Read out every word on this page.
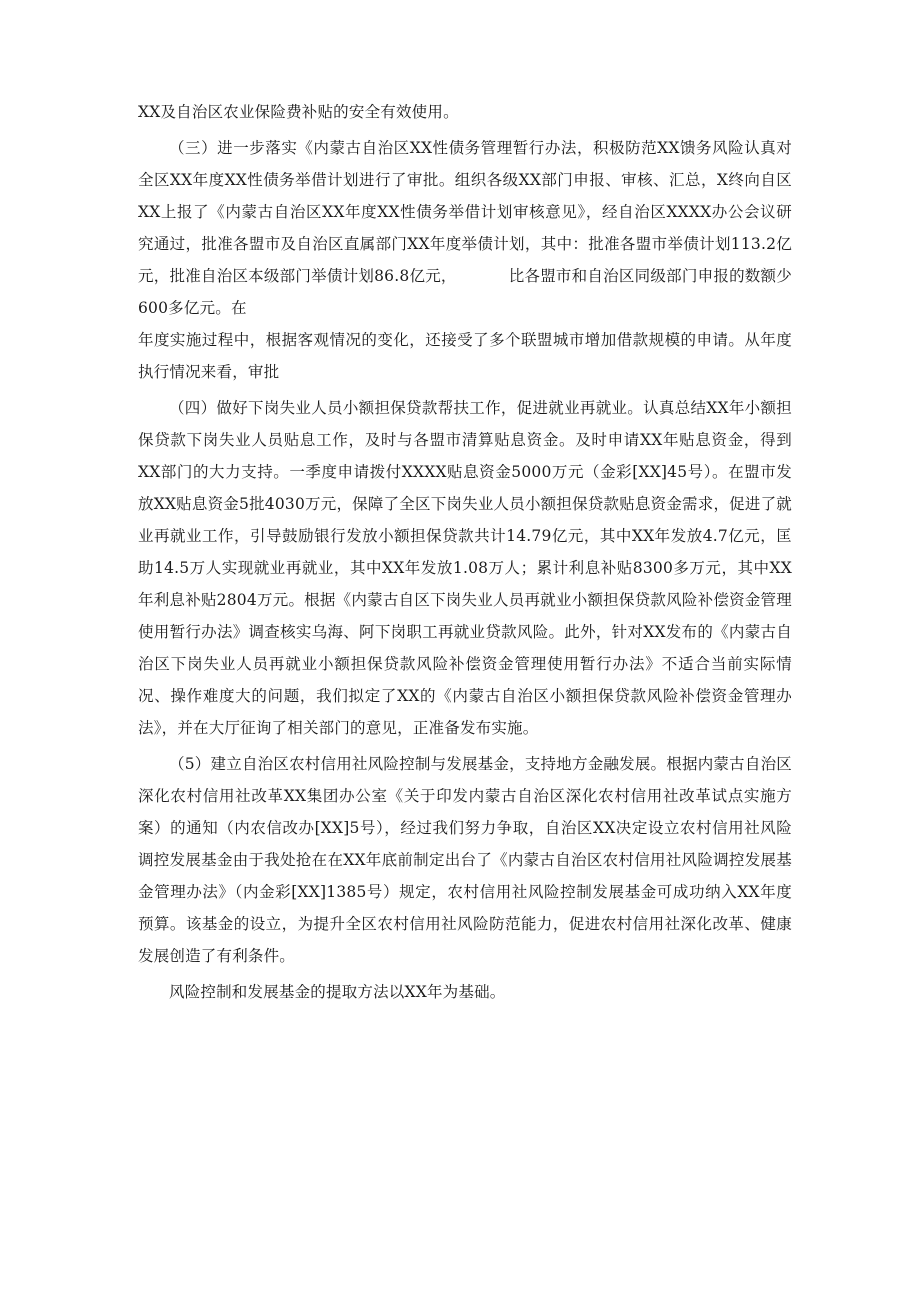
XX及自治区农业保险费补贴的安全有效使用。

（三）进一步落实《内蒙古自治区XX性债务管理暂行办法，积极防范XX馈务风险认真对全区XX年度XX性债务举借计划进行了审批。组织各级XX部门申报、审核、汇总，X终向自区XX上报了《内蒙古自治区XX年度XX性债务举借计划审核意见》，经自治区XXXX办公会议研究通过，批准各盟市及自治区直属部门XX年度举债计划，其中：批准各盟市举债计划113.2亿元，批准自治区本级部门举债计划86.8亿元，	比各盟市和自治区同级部门申报的数额少600多亿元。在

年度实施过程中，根据客观情况的变化，还接受了多个联盟城市增加借款规模的申请。从年度执行情况来看，审批

（四）做好下岗失业人员小额担保贷款帮扶工作，促进就业再就业。认真总结XX年小额担保贷款下岗失业人员贴息工作，及时与各盟市清算贴息资金。及时申请XX年贴息资金，得到XX部门的大力支持。一季度申请拨付XXXX贴息资金5000万元（金彩[XX]45号）。在盟市发放XX贴息资金5批4030万元，保障了全区下岗失业人员小额担保贷款贴息资金需求，促进了就业再就业工作，引导鼓励银行发放小额担保贷款共计14.79亿元，其中XX年发放4.7亿元，匡助14.5万人实现就业再就业，其中XX年发放1.08万人；累计利息补贴8300多万元，其中XX年利息补贴2804万元。根据《内蒙古自区下岗失业人员再就业小额担保贷款风险补偿资金管理使用暂行办法》调查核实乌海、阿下岗职工再就业贷款风险。此外，针对XX发布的《内蒙古自治区下岗失业人员再就业小额担保贷款风险补偿资金管理使用暂行办法》不适合当前实际情况、操作难度大的问题，我们拟定了XX的《内蒙古自治区小额担保贷款风险补偿资金管理办法》，并在大厅征询了相关部门的意见，正准备发布实施。

（5）建立自治区农村信用社风险控制与发展基金，支持地方金融发展。根据内蒙古自治区深化农村信用社改革XX集团办公室《关于印发内蒙古自治区深化农村信用社改革试点实施方案）的通知（内农信改办[XX]5号），经过我们努力争取，自治区XX决定设立农村信用社风险调控发展基金由于我处抢在在XX年底前制定出台了《内蒙古自治区农村信用社风险调控发展基金管理办法》（内金彩[XX]1385号）规定，农村信用社风险控制发展基金可成功纳入XX年度预算。该基金的设立，为提升全区农村信用社风险防范能力，促进农村信用社深化改革、健康发展创造了有利条件。

风险控制和发展基金的提取方法以XX年为基础。
